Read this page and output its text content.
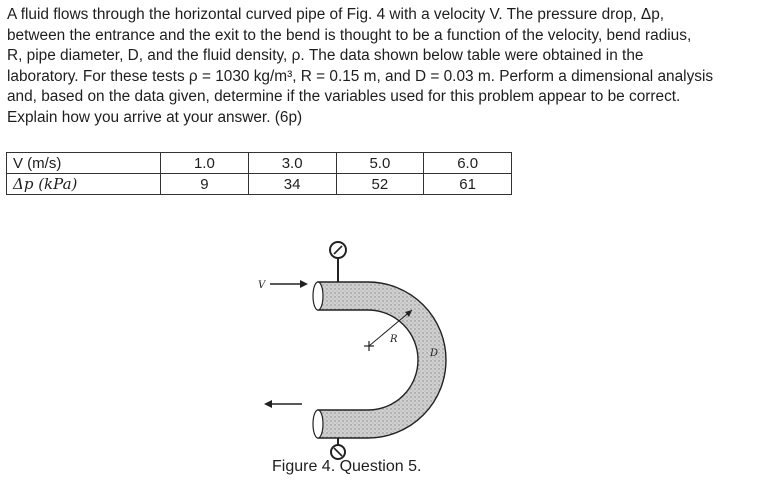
A fluid flows through the horizontal curved pipe of Fig. 4 with a velocity V. The pressure drop, Δp,
between the entrance and the exit to the bend is thought to be a function of the velocity, bend radius,
R, pipe diameter, D, and the fluid density, ρ. The data shown below table were obtained in the
laboratory. For these tests ρ = 1030 kg/m³, R = 0.15 m, and D = 0.03 m. Perform a dimensional analysis
and, based on the data given, determine if the variables used for this problem appear to be correct.
Explain how you arrive at your answer. (6p)
V (m/s)	1.0	3.0	5.0	6.0
Δp (kPa)	9	34	52	61
V
R
D
Figure 4. Question 5.
